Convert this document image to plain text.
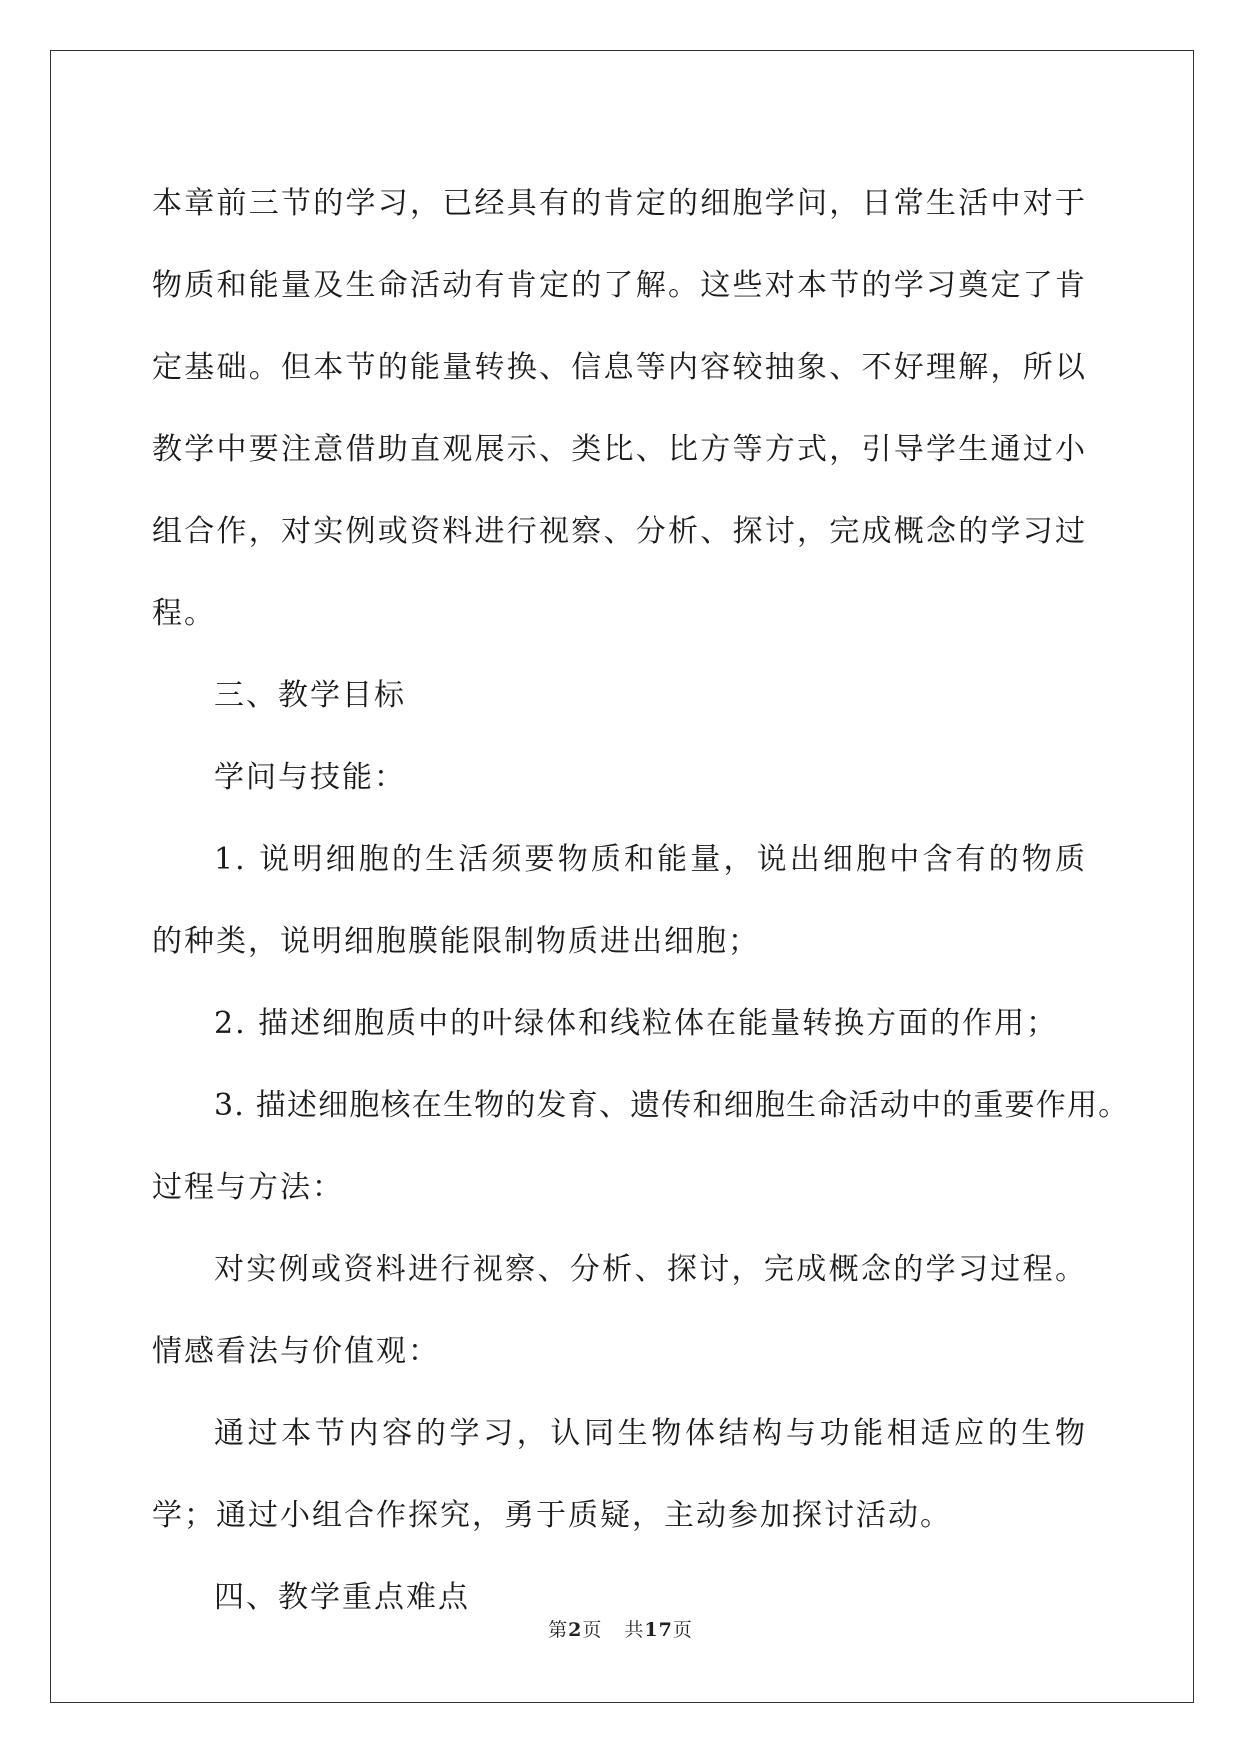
本章前三节的学习，已经具有的肯定的细胞学问，日常生活中对于物质和能量及生命活动有肯定的了解。这些对本节的学习奠定了肯定基础。但本节的能量转换、信息等内容较抽象、不好理解，所以教学中要注意借助直观展示、类比、比方等方式，引导学生通过小组合作，对实例或资料进行视察、分析、探讨，完成概念的学习过程。

三、教学目标

学问与技能：

1. 说明细胞的生活须要物质和能量，说出细胞中含有的物质的种类，说明细胞膜能限制物质进出细胞；

2. 描述细胞质中的叶绿体和线粒体在能量转换方面的作用；

3. 描述细胞核在生物的发育、遗传和细胞生命活动中的重要作用。

过程与方法：

对实例或资料进行视察、分析、探讨，完成概念的学习过程。情感看法与价值观：

通过本节内容的学习，认同生物体结构与功能相适应的生物学；通过小组合作探究，勇于质疑，主动参加探讨活动。

四、教学重点难点

第2页 共17页
